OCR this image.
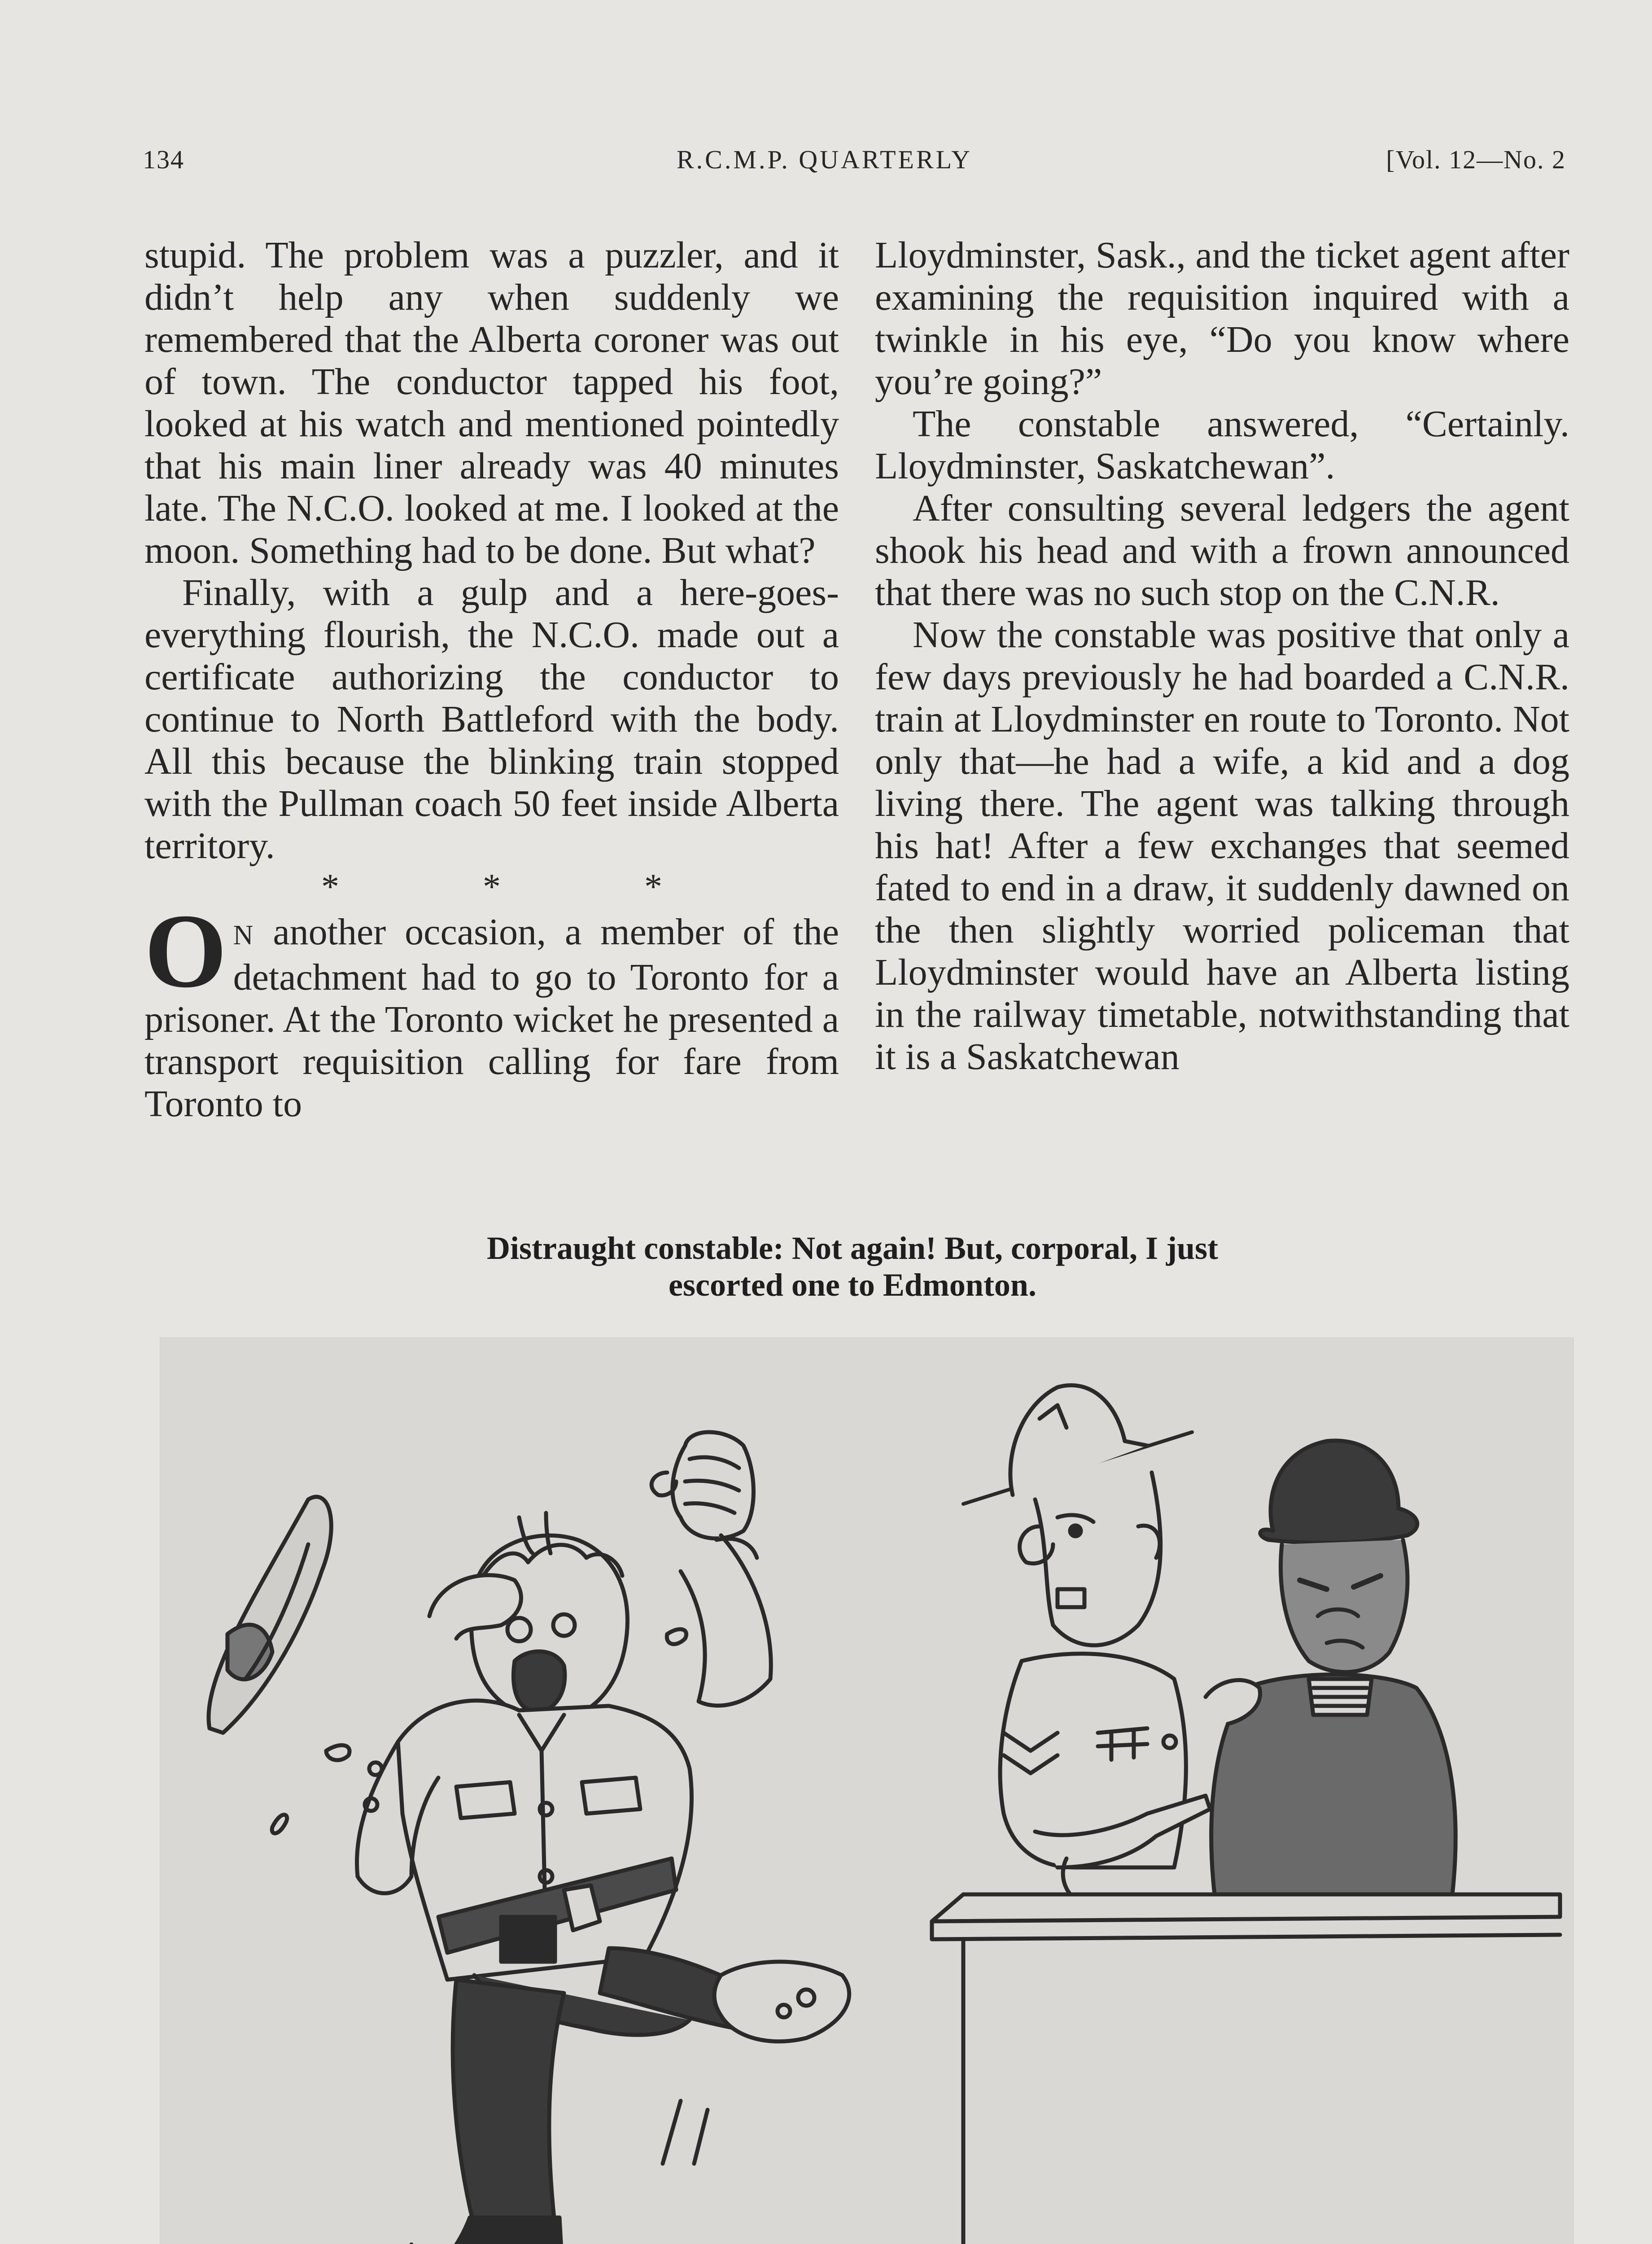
134	R.C.M.P. QUARTERLY	[Vol. 12—No. 2

stupid. The problem was a puzzler, and it didn’t help any when suddenly we remembered that the Alberta coroner was out of town. The conductor tapped his foot, looked at his watch and mentioned pointedly that his main liner already was 40 minutes late. The N.C.O. looked at me. I looked at the moon. Something had to be done. But what?

Finally, with a gulp and a here-goes-everything flourish, the N.C.O. made out a certificate authorizing the conductor to continue to North Battleford with the body. All this because the blinking train stopped with the Pullman coach 50 feet inside Alberta territory.

* * *

O N another occasion, a member of the detachment had to go to Toronto for a prisoner. At the Toronto wicket he presented a transport requisition calling for fare from Toronto to

Lloydminster, Sask., and the ticket agent after examining the requisition inquired with a twinkle in his eye, “Do you know where you’re going?”

The constable answered, “Certainly. Lloydminster, Saskatchewan”.

After consulting several ledgers the agent shook his head and with a frown announced that there was no such stop on the C.N.R.

Now the constable was positive that only a few days previously he had boarded a C.N.R. train at Lloydminster en route to Toronto. Not only that—he had a wife, a kid and a dog living there. The agent was talking through his hat! After a few exchanges that seemed fated to end in a draw, it suddenly dawned on the then slightly worried policeman that Lloydminster would have an Alberta listing in the railway timetable, notwithstanding that it is a Saskatchewan

Distraught constable: Not again! But, corporal, I just
escorted one to Edmonton.
